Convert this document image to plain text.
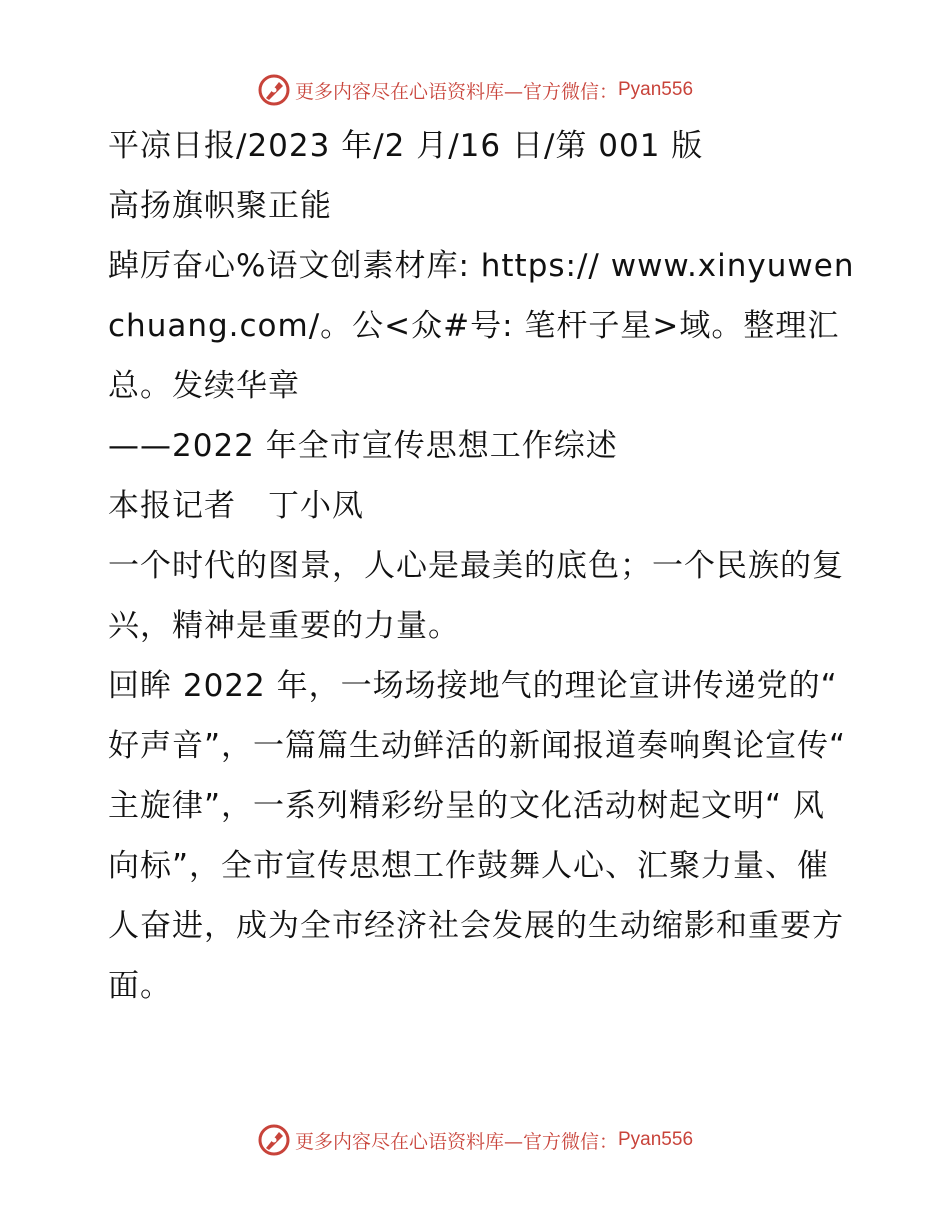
更多内容尽在心语资料库—官方微信： Pyan556

平凉日报/2023 年/2 月/16 日/第 001 版

高扬旗帜聚正能

踔厉奋心%语文创素材库: https:// www.xinyuwenchuang.com/。公<众#号: 笔杆子星>域。整理汇总。发续华章

——2022 年全市宣传思想工作综述

本报记者　丁小凤

一个时代的图景，人心是最美的底色；一个民族的复兴，精神是重要的力量。

回眸 2022 年，一场场接地气的理论宣讲传递党的“ 好声音”，一篇篇生动鲜活的新闻报道奏响舆论宣传“ 主旋律”，一系列精彩纷呈的文化活动树起文明“ 风向标”，全市宣传思想工作鼓舞人心、汇聚力量、催人奋进，成为全市经济社会发展的生动缩影和重要方面。

更多内容尽在心语资料库—官方微信： Pyan556
